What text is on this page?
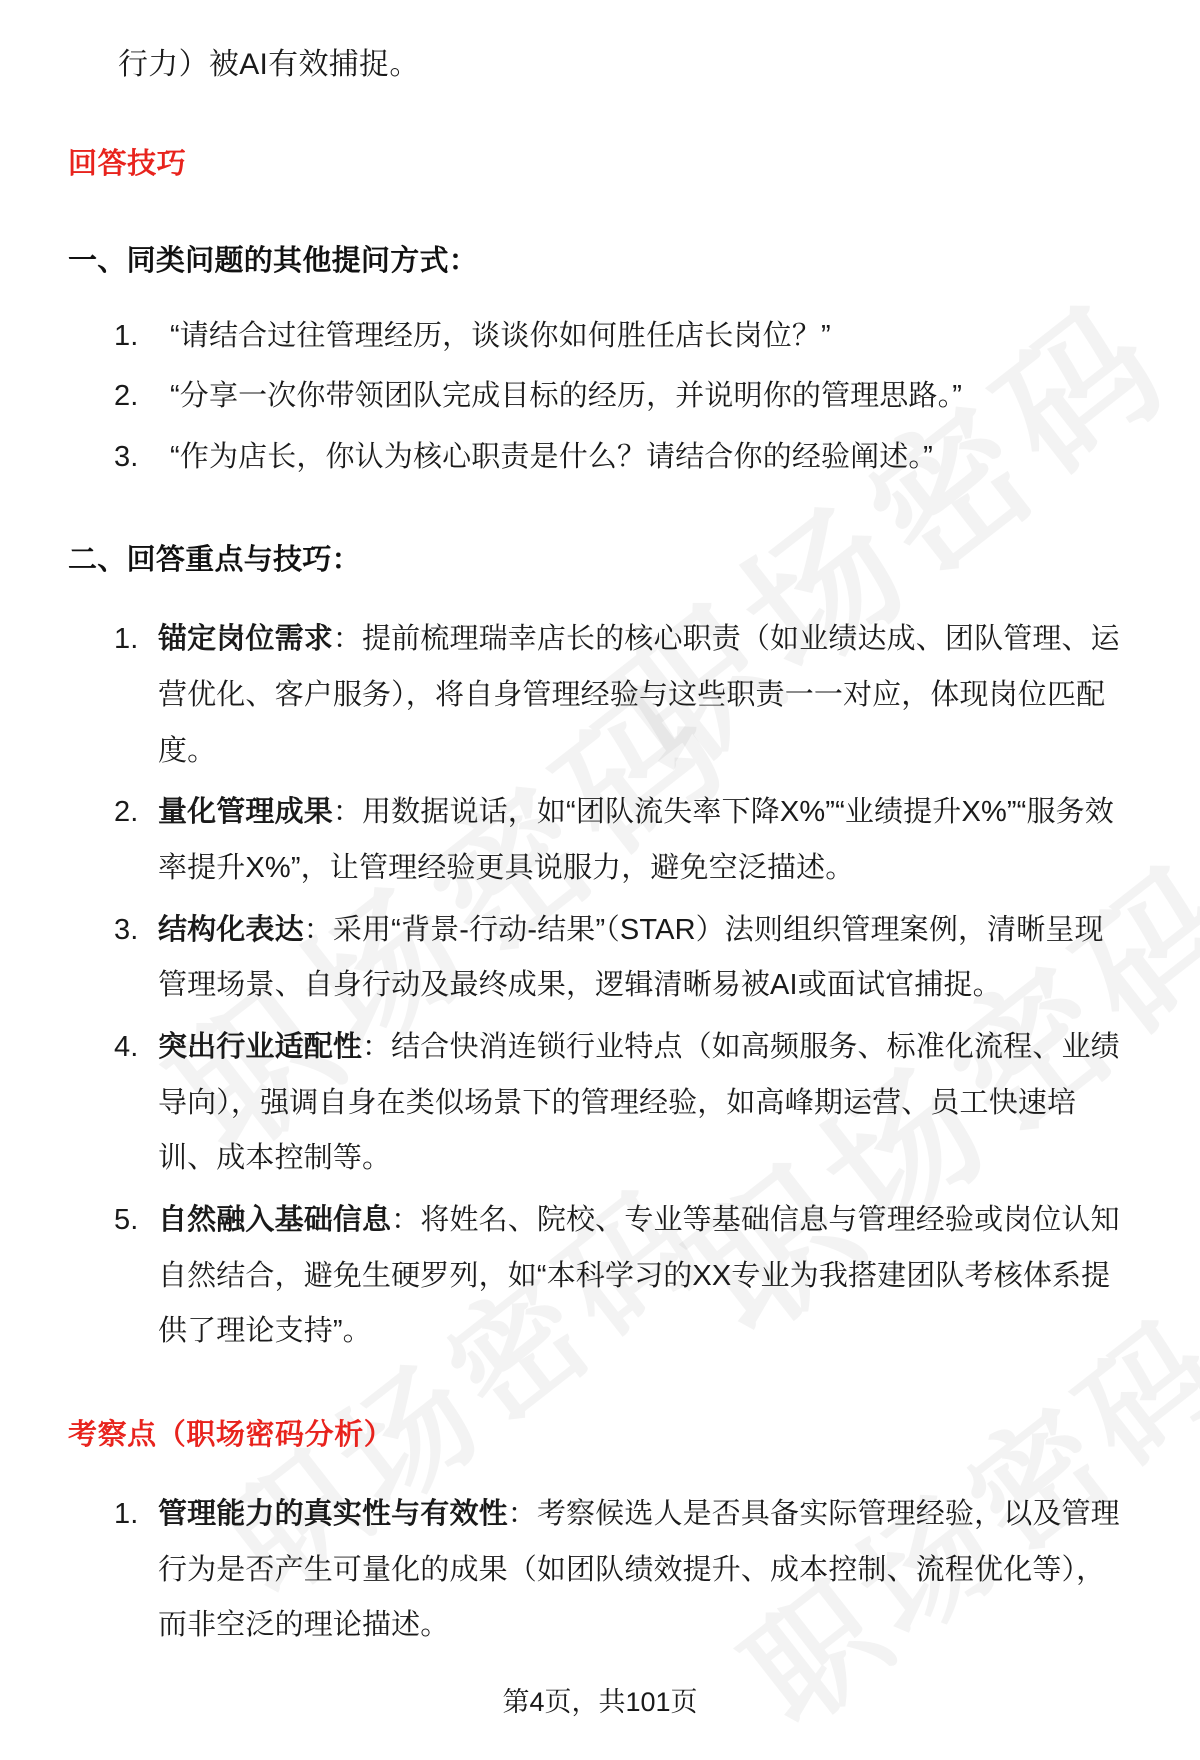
行力）被AI有效捕捉。
回答技巧
一、同类问题的其他提问方式：
“请结合过往管理经历，谈谈你如何胜任店长岗位？”
“分享一次你带领团队完成目标的经历，并说明你的管理思路。”
“作为店长，你认为核心职责是什么？请结合你的经验阐述。”
二、回答重点与技巧：
锚定岗位需求：提前梳理瑞幸店长的核心职责（如业绩达成、团队管理、运营优化、客户服务），将自身管理经验与这些职责一一对应，体现岗位匹配度。
量化管理成果：用数据说话，如“团队流失率下降X%”“业绩提升X%”“服务效率提升X%”，让管理经验更具说服力，避免空泛描述。
结构化表达：采用“背景-行动-结果”（STAR）法则组织管理案例，清晰呈现管理场景、自身行动及最终成果，逻辑清晰易被AI或面试官捕捉。
突出行业适配性：结合快消连锁行业特点（如高频服务、标准化流程、业绩导向），强调自身在类似场景下的管理经验，如高峰期运营、员工快速培训、成本控制等。
自然融入基础信息：将姓名、院校、专业等基础信息与管理经验或岗位认知自然结合，避免生硬罗列，如“本科学习的XX专业为我搭建团队考核体系提供了理论支持”。
考察点（职场密码分析）
管理能力的真实性与有效性：考察候选人是否具备实际管理经验，以及管理行为是否产生可量化的成果（如团队绩效提升、成本控制、流程优化等），而非空泛的理论描述。
第4页，共101页
